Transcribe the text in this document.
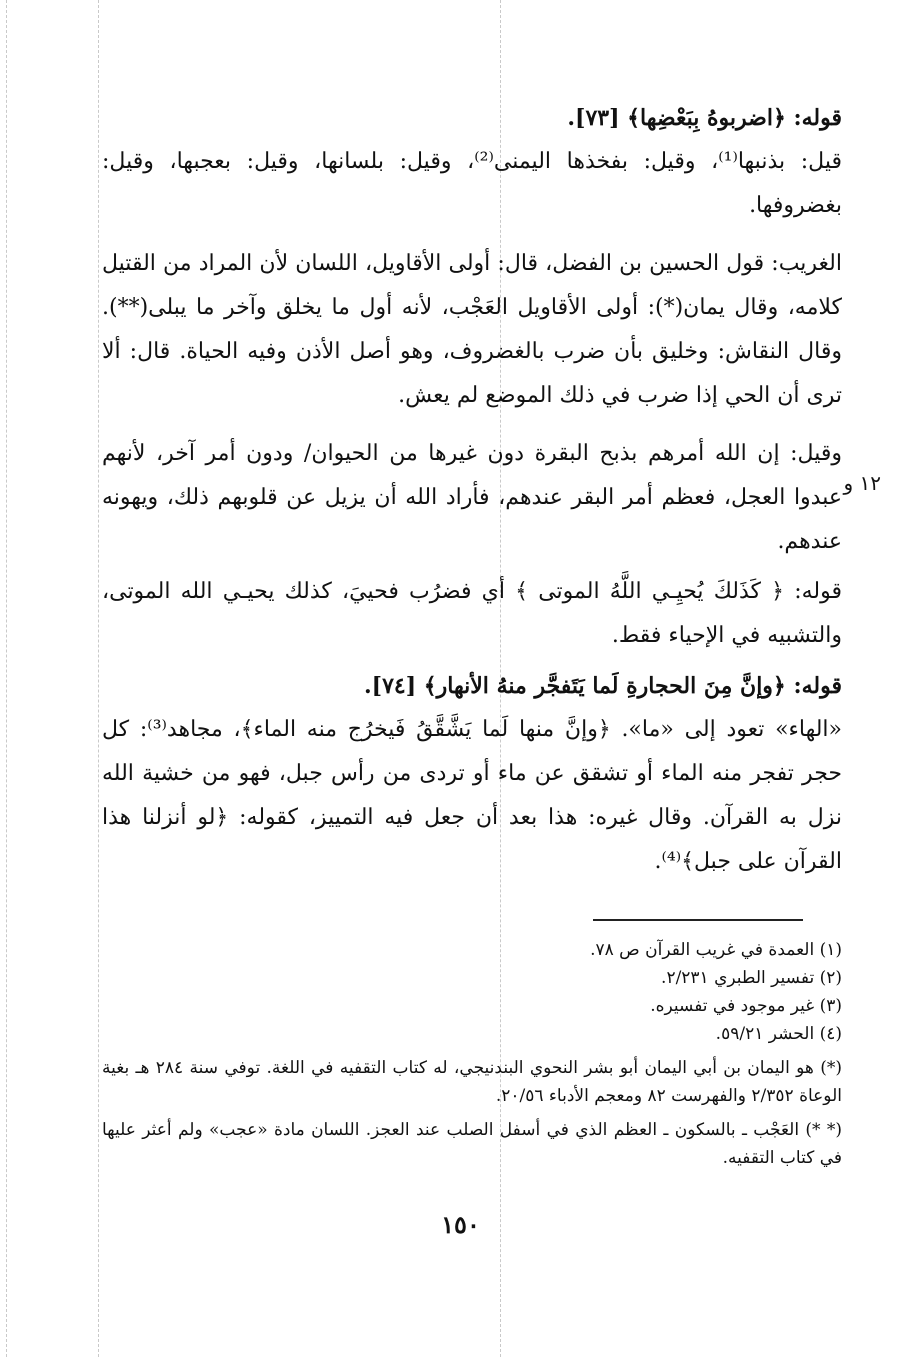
قوله: ﴿اضربوهُ بِبَعْضِها﴾ [٧٣].

قيل: بذنبها⁽¹⁾، وقيل: بفخذها اليمنى⁽²⁾، وقيل: بلسانها، وقيل: بعجبها، وقيل: بغضروفها.

الغريب: قول الحسين بن الفضل، قال: أولى الأقاويل، اللسان لأن المراد من القتيل كلامه، وقال يمان(*): أولى الأقاويل العَجْب، لأنه أول ما يخلق وآخر ما يبلى(**). وقال النقاش: وخليق بأن ضرب بالغضروف، وهو أصل الأذن وفيه الحياة. قال: ألا ترى أن الحي إذا ضرب في ذلك الموضع لم يعش.

وقيل: إن الله أمرهم بذبح البقرة دون غيرها من الحيوان/ ودون أمر آخر، لأنهم عبدوا العجل، فعظم أمر البقر عندهم، فأراد الله أن يزيل عن قلوبهم ذلك، ويهونه عندهم.

قوله: ﴿ كَذَلكَ يُحيِـي اللَّهُ الموتى ﴾ أي فضرُب فحييَ، كذلك يحيـي الله الموتى، والتشبيه في الإحياء فقط.

قوله: ﴿وإنَّ مِنَ الحجارةِ لَما يَتَفجَّر منهُ الأنهار﴾ [٧٤].

«الهاء» تعود إلى «ما». ﴿وإنَّ منها لَما يَشَّقَّقُ فَيخرُج منه الماء﴾، مجاهد⁽³⁾: كل حجر تفجر منه الماء أو تشقق عن ماء أو تردى من رأس جبل، فهو من خشية الله نزل به القرآن. وقال غيره: هذا بعد أن جعل فيه التمييز، كقوله: ﴿لو أنزلنا هذا القرآن على جبل﴾⁽⁴⁾.

١٢ و

(١) العمدة في غريب القرآن ص ٧٨.

(٢) تفسير الطبري ٢/٢٣١.

(٣) غير موجود في تفسيره.

(٤) الحشر ٥٩/٢١.

(*) هو اليمان بن أبي اليمان أبو بشر النحوي البندنيجي، له كتاب التقفيه في اللغة. توفي سنة ٢٨٤ هـ بغية الوعاة ٢/٣٥٢ والفهرست ٨٢ ومعجم الأدباء ٢٠/٥٦.

(* *) العَجْب ـ بالسكون ـ العظم الذي في أسفل الصلب عند العجز. اللسان مادة «عجب» ولم أعثر عليها في كتاب التقفيه.

١٥٠
